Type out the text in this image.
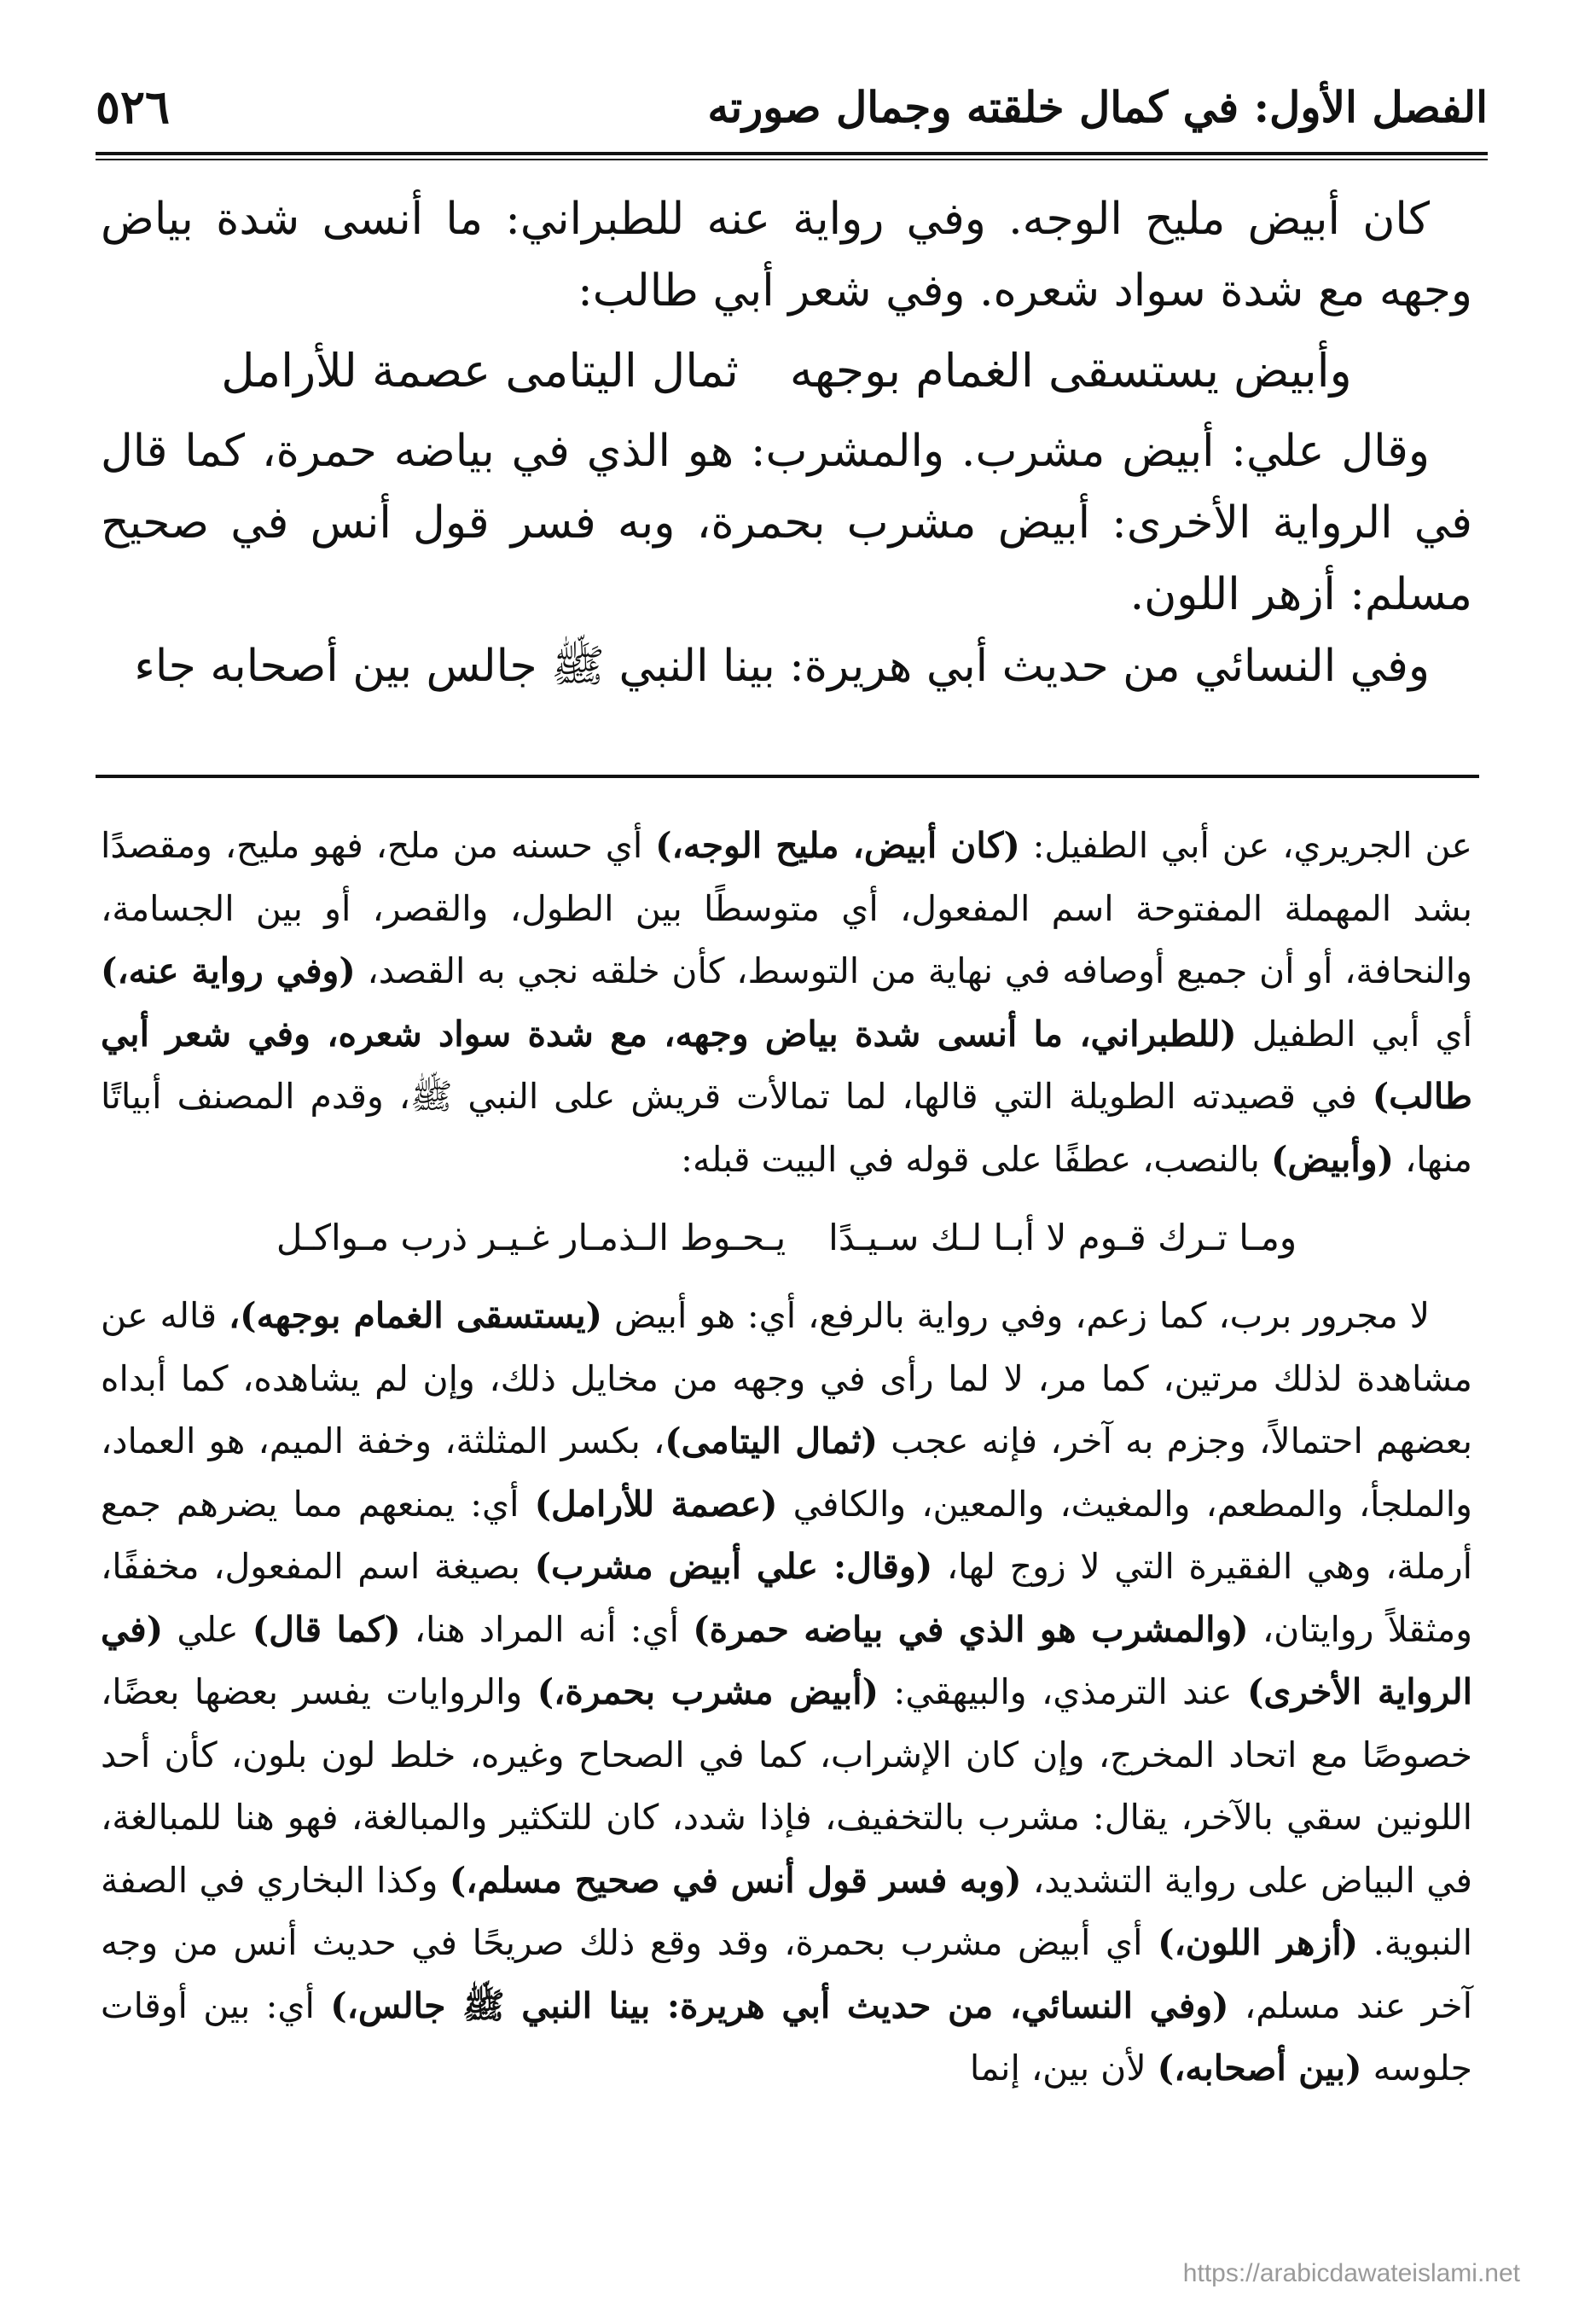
الفصل الأول: في كمال خلقته وجمال صورته
٥٢٦

كان أبيض مليح الوجه. وفي رواية عنه للطبراني: ما أنسى شدة بياض وجهه مع شدة سواد شعره. وفي شعر أبي طالب:

وأبيض يستسقى الغمام بوجهه
ثمال اليتامى عصمة للأرامل

وقال علي: أبيض مشرب. والمشرب: هو الذي في بياضه حمرة، كما قال في الرواية الأخرى: أبيض مشرب بحمرة، وبه فسر قول أنس في صحيح مسلم: أزهر اللون.

وفي النسائي من حديث أبي هريرة: بينا النبي ﷺ جالس بين أصحابه جاء

عن الجريري، عن أبي الطفيل: (كان أبيض، مليح الوجه،) أي حسنه من ملح، فهو مليح، ومقصدًا بشد المهملة المفتوحة اسم المفعول، أي متوسطًا بين الطول، والقصر، أو بين الجسامة، والنحافة، أو أن جميع أوصافه في نهاية من التوسط، كأن خلقه نجي به القصد، (وفي رواية عنه،) أي أبي الطفيل (للطبراني، ما أنسى شدة بياض وجهه، مع شدة سواد شعره، وفي شعر أبي طالب) في قصيدته الطويلة التي قالها، لما تمالأت قريش على النبي ﷺ، وقدم المصنف أبياتًا منها، (وأبيض) بالنصب، عطفًا على قوله في البيت قبله:

ومـا تـرك قـوم لا أبـا لـك سـيـدًا
يـحـوط الـذمـار غـيـر ذرب مـواكـل

لا مجرور برب، كما زعم، وفي رواية بالرفع، أي: هو أبيض (يستسقى الغمام بوجهه)، قاله عن مشاهدة لذلك مرتين، كما مر، لا لما رأى في وجهه من مخايل ذلك، وإن لم يشاهده، كما أبداه بعضهم احتمالاً، وجزم به آخر، فإنه عجب (ثمال اليتامى)، بكسر المثلثة، وخفة الميم، هو العماد، والملجأ، والمطعم، والمغيث، والمعين، والكافي (عصمة للأرامل) أي: يمنعهم مما يضرهم جمع أرملة، وهي الفقيرة التي لا زوج لها، (وقال: علي أبيض مشرب) بصيغة اسم المفعول، مخففًا، ومثقلاً روايتان، (والمشرب هو الذي في بياضه حمرة) أي: أنه المراد هنا، (كما قال) علي (في الرواية الأخرى) عند الترمذي، والبيهقي: (أبيض مشرب بحمرة،) والروايات يفسر بعضها بعضًا، خصوصًا مع اتحاد المخرج، وإن كان الإشراب، كما في الصحاح وغيره، خلط لون بلون، كأن أحد اللونين سقي بالآخر، يقال: مشرب بالتخفيف، فإذا شدد، كان للتكثير والمبالغة، فهو هنا للمبالغة، في البياض على رواية التشديد، (وبه فسر قول أنس في صحيح مسلم،) وكذا البخاري في الصفة النبوية. (أزهر اللون،) أي أبيض مشرب بحمرة، وقد وقع ذلك صريحًا في حديث أنس من وجه آخر عند مسلم، (وفي النسائي، من حديث أبي هريرة: بينا النبي ﷺ جالس،) أي: بين أوقات جلوسه (بين أصحابه،) لأن بين، إنما

https://arabicdawateislami.net
